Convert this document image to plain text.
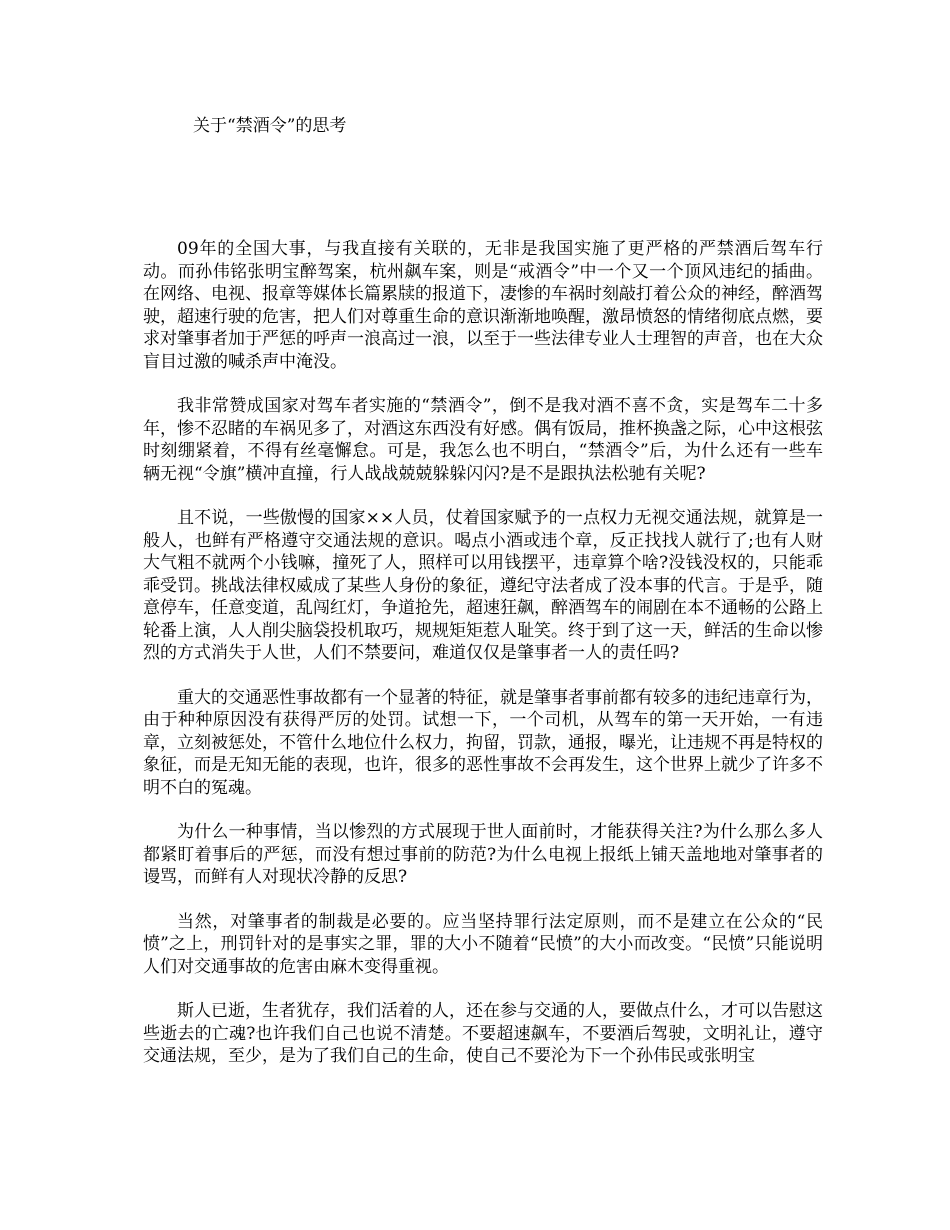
关于“禁酒令”的思考

09年的全国大事，与我直接有关联的，无非是我国实施了更严格的严禁酒后驾车行动。而孙伟铭张明宝醉驾案，杭州飙车案，则是“戒酒令”中一个又一个顶风违纪的插曲。在网络、电视、报章等媒体长篇累牍的报道下，凄惨的车祸时刻敲打着公众的神经，醉酒驾驶，超速行驶的危害，把人们对尊重生命的意识渐渐地唤醒，激昂愤怒的情绪彻底点燃，要求对肇事者加于严惩的呼声一浪高过一浪，以至于一些法律专业人士理智的声音，也在大众盲目过激的喊杀声中淹没。

我非常赞成国家对驾车者实施的“禁酒令”，倒不是我对酒不喜不贪，实是驾车二十多年，惨不忍睹的车祸见多了，对酒这东西没有好感。偶有饭局，推杯换盏之际，心中这根弦时刻绷紧着，不得有丝毫懈怠。可是，我怎么也不明白，“禁酒令”后，为什么还有一些车辆无视“令旗”横冲直撞，行人战战兢兢躲躲闪闪?是不是跟执法松驰有关呢?

且不说，一些傲慢的国家××人员，仗着国家赋予的一点权力无视交通法规，就算是一般人，也鲜有严格遵守交通法规的意识。喝点小酒或违个章，反正找找人就行了;也有人财大气粗不就两个小钱嘛，撞死了人，照样可以用钱摆平，违章算个啥?没钱没权的，只能乖乖受罚。挑战法律权威成了某些人身份的象征，遵纪守法者成了没本事的代言。于是乎，随意停车，任意变道，乱闯红灯，争道抢先，超速狂飙，醉酒驾车的闹剧在本不通畅的公路上轮番上演，人人削尖脑袋投机取巧，规规矩矩惹人耻笑。终于到了这一天，鲜活的生命以惨烈的方式消失于人世，人们不禁要问，难道仅仅是肇事者一人的责任吗?

重大的交通恶性事故都有一个显著的特征，就是肇事者事前都有较多的违纪违章行为，由于种种原因没有获得严厉的处罚。试想一下，一个司机，从驾车的第一天开始，一有违章，立刻被惩处，不管什么地位什么权力，拘留，罚款，通报，曝光，让违规不再是特权的象征，而是无知无能的表现，也许，很多的恶性事故不会再发生，这个世界上就少了许多不明不白的冤魂。

为什么一种事情，当以惨烈的方式展现于世人面前时，才能获得关注?为什么那么多人都紧盯着事后的严惩，而没有想过事前的防范?为什么电视上报纸上铺天盖地地对肇事者的谩骂，而鲜有人对现状冷静的反思?

当然，对肇事者的制裁是必要的。应当坚持罪行法定原则，而不是建立在公众的“民愤”之上，刑罚针对的是事实之罪，罪的大小不随着“民愤”的大小而改变。“民愤”只能说明人们对交通事故的危害由麻木变得重视。

斯人已逝，生者犹存，我们活着的人，还在参与交通的人，要做点什么，才可以告慰这些逝去的亡魂?也许我们自己也说不清楚。不要超速飙车，不要酒后驾驶，文明礼让，遵守交通法规，至少，是为了我们自己的生命，使自己不要沦为下一个孙伟民或张明宝
